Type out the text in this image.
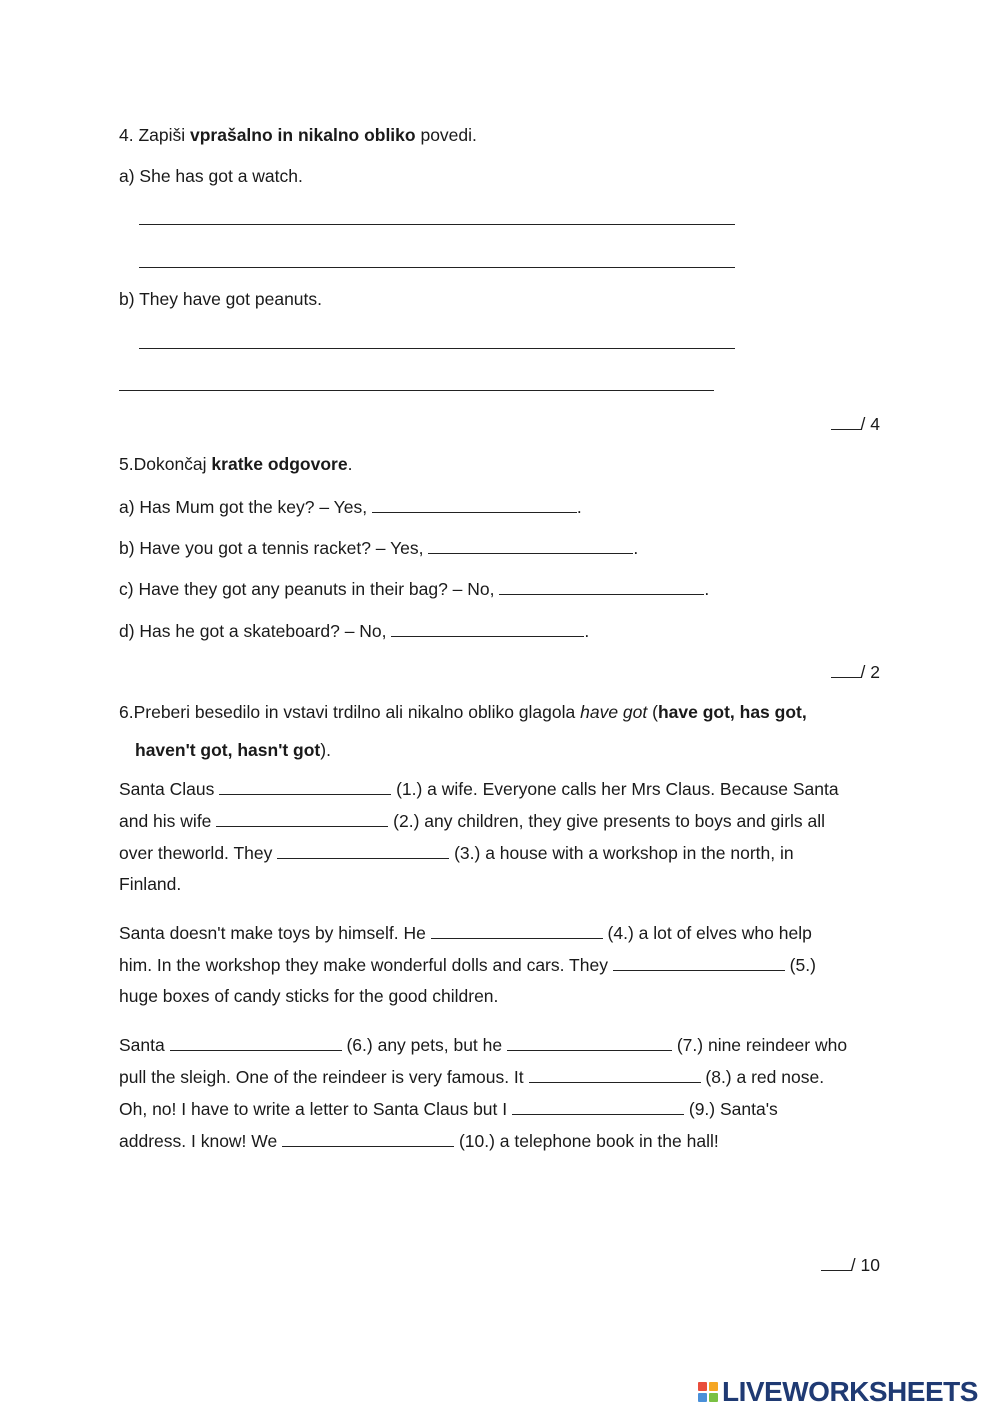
4. Zapiši vprašalno in nikalno obliko povedi.
a) She has got a watch.
b) They have got peanuts.
/ 4
5.Dokončaj kratke odgovore.
a) Has Mum got the key? – Yes,	.
b) Have you got a tennis racket? – Yes,	.
c) Have they got any peanuts in their bag? – No,	.
d) Has he got a skateboard? – No,	.
/ 2
6.Preberi besedilo in vstavi trdilno ali nikalno obliko glagola have got (have got, has got,
haven't got, hasn't got).
Santa Claus	(1.) a wife. Everyone calls her Mrs Claus. Because Santa
and his wife	(2.) any children, they give presents to boys and girls all
over theworld. They	(3.) a house with a workshop in the north, in
Finland.
Santa doesn't make toys by himself. He	(4.) a lot of elves who help
him. In the workshop they make wonderful dolls and cars. They	(5.)
huge boxes of candy sticks for the good children.
Santa	(6.) any pets, but he	(7.) nine reindeer who
pull the sleigh. One of the reindeer is very famous. It	(8.) a red nose.
Oh, no! I have to write a letter to Santa Claus but I	(9.) Santa's
address. I know! We	(10.) a telephone book in the hall!
/ 10
LIVEWORKSHEETS
